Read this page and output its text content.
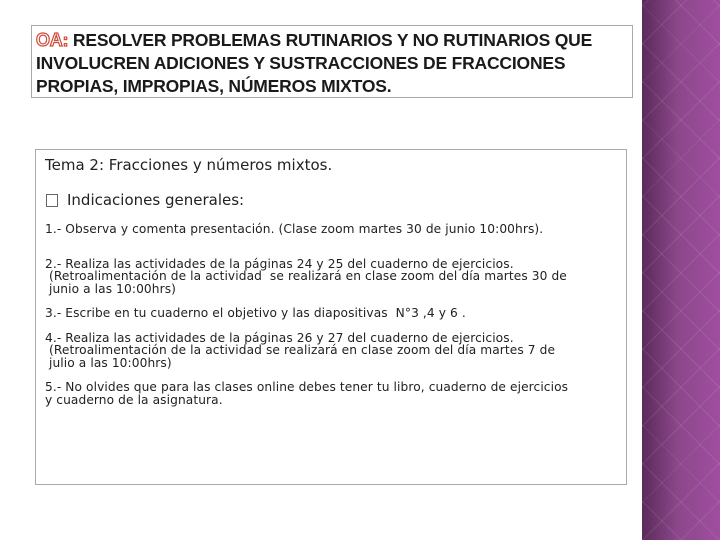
OA: RESOLVER PROBLEMAS RUTINARIOS Y NO RUTINARIOS QUE INVOLUCREN ADICIONES Y SUSTRACCIONES DE FRACCIONES PROPIAS, IMPROPIAS, NÚMEROS MIXTOS.
Tema 2: Fracciones y números mixtos.
Indicaciones generales:
1.- Observa y comenta presentación. (Clase zoom martes 30 de junio 10:00hrs).
2.- Realiza las actividades de la páginas 24 y 25 del cuaderno de ejercicios.
(Retroalimentación de la actividad  se realizará en clase zoom del día martes 30 de
junio a las 10:00hrs)
3.- Escribe en tu cuaderno el objetivo y las diapositivas  N°3 ,4 y 6 .
4.- Realiza las actividades de la páginas 26 y 27 del cuaderno de ejercicios.
(Retroalimentación de la actividad se realizará en clase zoom del día martes 7 de
julio a las 10:00hrs)
5.- No olvides que para las clases online debes tener tu libro, cuaderno de ejercicios
y cuaderno de la asignatura.
